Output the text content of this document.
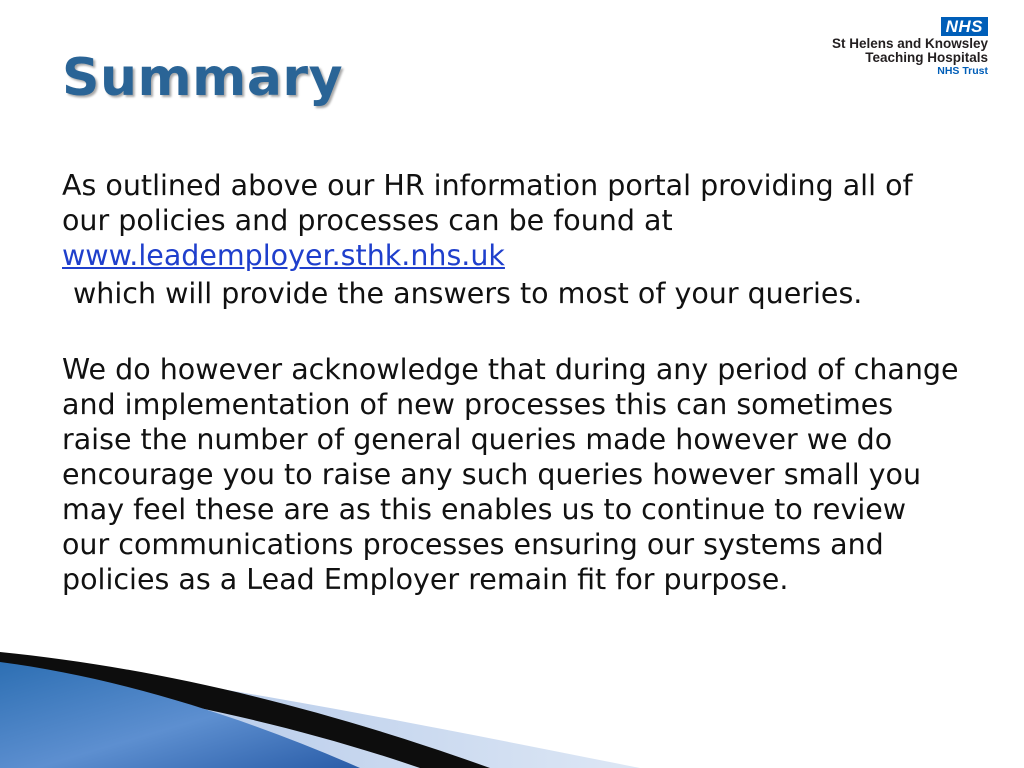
Summary
NHS
St Helens and Knowsley
Teaching Hospitals
NHS Trust

As outlined above our HR information portal providing all of our policies and processes can be found at
www.leademployer.sthk.nhs.uk

which will provide the answers to most of your queries.

We do however acknowledge that during any period of change and implementation of new processes this can sometimes raise the number of general queries made however we do encourage you to raise any such queries however small you may feel these are as this enables us to continue to review our communications processes ensuring our systems and policies as a Lead Employer remain fit for purpose.
